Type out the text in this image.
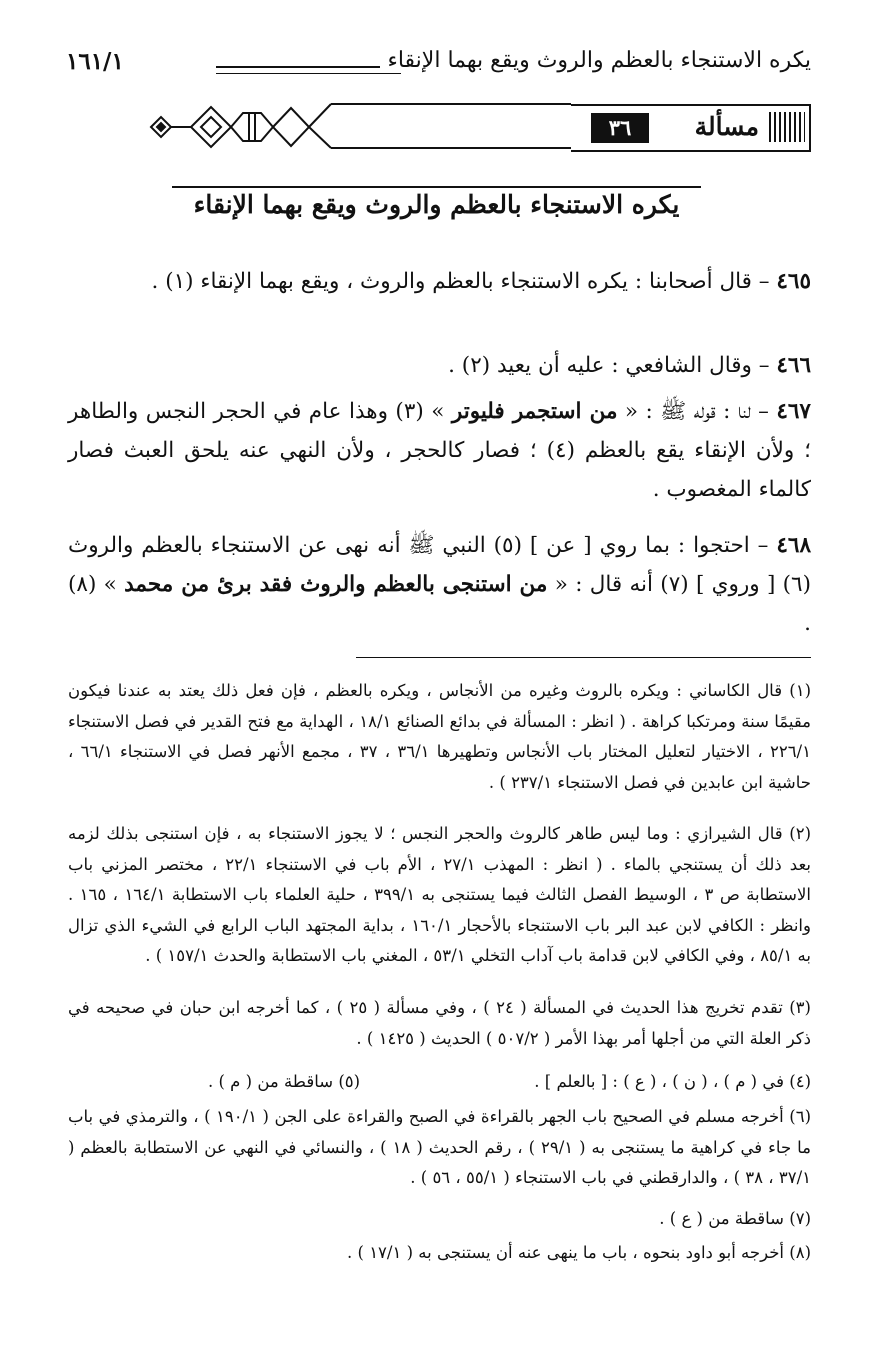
يكره الاستنجاء بالعظم والروث ويقع بهما الإنقاء
١٦١/١
مسألة
٣٦
يكره الاستنجاء بالعظم والروث ويقع بهما الإنقاء
٤٦٥ – قال أصحابنا : يكره الاستنجاء بالعظم والروث ، ويقع بهما الإنقاء (١) .
٤٦٦ – وقال الشافعي : عليه أن يعيد (٢) .
٤٦٧ – لنا : قوله ﷺ : « من استجمر فليوتر » (٣) وهذا عام في الحجر النجس والطاهر ؛ ولأن الإنقاء يقع بالعظم (٤) ؛ فصار كالحجر ، ولأن النهي عنه يلحق العبث فصار كالماء المغصوب .
٤٦٨ – احتجوا : بما روي [ عن ] (٥) النبي ﷺ أنه نهى عن الاستنجاء بالعظم والروث (٦) [ وروي ] (٧) أنه قال : « من استنجى بالعظم والروث فقد برئ من محمد » (٨) .
(١) قال الكاساني : ويكره بالروث وغيره من الأنجاس ، ويكره بالعظم ، فإن فعل ذلك يعتد به عندنا فيكون مقيمًا سنة ومرتكبا كراهة . ( انظر : المسألة في بدائع الصنائع ١٨/١ ، الهداية مع فتح القدير في فصل الاستنجاء ٢٢٦/١ ، الاختيار لتعليل المختار باب الأنجاس وتطهيرها ٣٦/١ ، ٣٧ ، مجمع الأنهر فصل في الاستنجاء ٦٦/١ ، حاشية ابن عابدين في فصل الاستنجاء ٢٣٧/١ ) .
(٢) قال الشيرازي : وما ليس طاهر كالروث والحجر النجس ؛ لا يجوز الاستنجاء به ، فإن استنجى بذلك لزمه بعد ذلك أن يستنجي بالماء . ( انظر : المهذب ٢٧/١ ، الأم باب في الاستنجاء ٢٢/١ ، مختصر المزني باب الاستطابة ص ٣ ، الوسيط الفصل الثالث فيما يستنجى به ٣٩٩/١ ، حلية العلماء باب الاستطابة ١٦٤/١ ، ١٦٥ . وانظر : الكافي لابن عبد البر باب الاستنجاء بالأحجار ١٦٠/١ ، بداية المجتهد الباب الرابع في الشيء الذي تزال به ٨٥/١ ، وفي الكافي لابن قدامة باب آداب التخلي ٥٣/١ ، المغني باب الاستطابة والحدث ١٥٧/١ ) .
(٣) تقدم تخريج هذا الحديث في المسألة ( ٢٤ ) ، وفي مسألة ( ٢٥ ) ، كما أخرجه ابن حبان في صحيحه في ذكر العلة التي من أجلها أمر بهذا الأمر ( ٥٠٧/٢ ) الحديث ( ١٤٢٥ ) .
(٤) في ( م ) ، ( ن ) ، ( ع ) : [ بالعلم ] .
(٥) ساقطة من ( م ) .
(٦) أخرجه مسلم في الصحيح باب الجهر بالقراءة في الصبح والقراءة على الجن ( ١٩٠/١ ) ، والترمذي في باب ما جاء في كراهية ما يستنجى به ( ٢٩/١ ) ، رقم الحديث ( ١٨ ) ، والنسائي في النهي عن الاستطابة بالعظم ( ٣٧/١ ، ٣٨ ) ، والدارقطني في باب الاستنجاء ( ٥٥/١ ، ٥٦ ) .
(٧) ساقطة من ( ع ) .
(٨) أخرجه أبو داود بنحوه ، باب ما ينهى عنه أن يستنجى به ( ١٧/١ ) .
